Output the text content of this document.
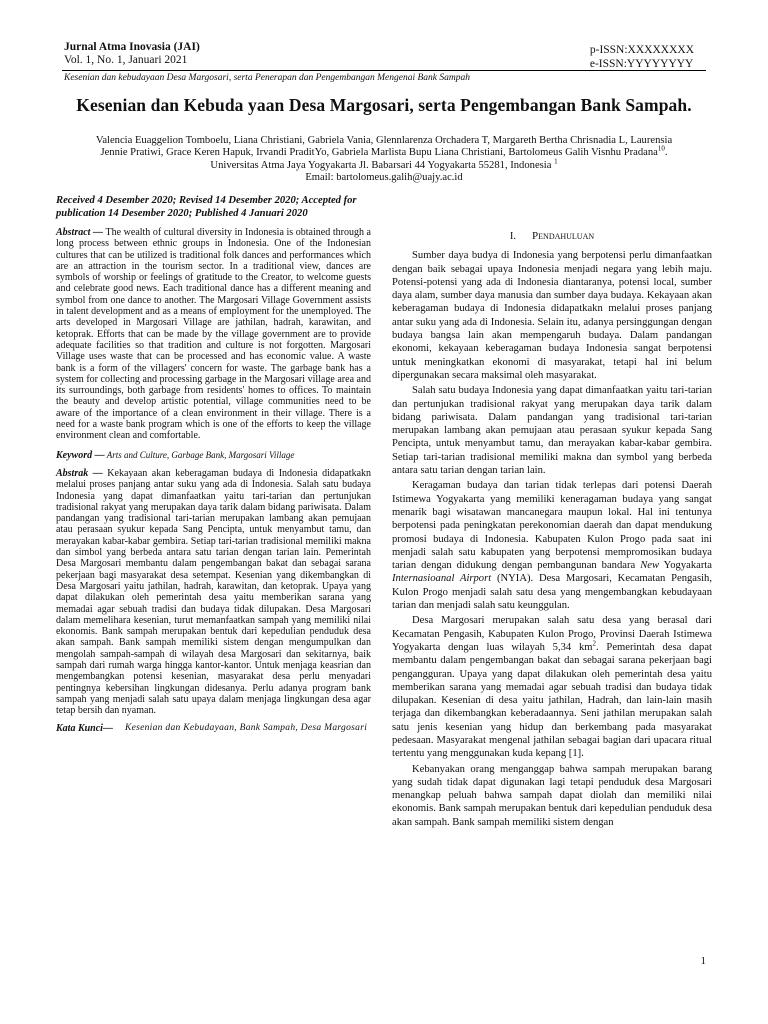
Jurnal Atma Inovasia (JAI)
Vol. 1, No. 1, Januari 2021
p-ISSN:XXXXXXXX
e-ISSN:YYYYYYYY
Kesenian dan kebudayaan Desa Margosari, serta Penerapan dan Pengembangan Mengenai Bank Sampah
Kesenian dan Kebuda yaan Desa Margosari, serta Pengembangan Bank Sampah.
Valencia Euaggelion Tomboelu, Liana Christiani, Gabriela Vania, Glennlarenza Orchadera T, Margareth Bertha Chrisnadia L, Laurensia
Jennie Pratiwi, Grace Keren Hapuk, Irvandi PraditYo, Gabriela Marlista Bupu Liana Christiani, Bartolomeus Galih Visnhu Pradana$^{10}$.
Universitas Atma Jaya Yogyakarta Jl. Babarsari 44 Yogyakarta 55281, Indonesia $^1$
Email: bartolomeus.galih@uajy.ac.id
Received 4 Desember 2020; Revised 14 Desember 2020; Accepted for publication 14 Desember 2020; Published 4 Januari 2020

Abstract — The wealth of cultural diversity in Indonesia is obtained through a long process between ethnic groups in Indonesia. One of the Indonesian cultures that can be utilized is traditional folk dances and performances which are an attraction in the tourism sector. In a traditional view, dances are symbols of worship or feelings of gratitude to the Creator, to welcome guests and celebrate good news. Each traditional dance has a different meaning and symbol from one dance to another. The Margosari Village Government assists in talent development and as a means of employment for the unemployed. The arts developed in Margosari Village are jathilan, hadrah, karawitan, and ketoprak. Efforts that can be made by the village government are to provide adequate facilities so that tradition and culture is not forgotten. Margosari Village uses waste that can be processed and has economic value. A waste bank is a form of the villagers' concern for waste. The garbage bank has a system for collecting and processing garbage in the Margosari village area and its surroundings, both garbage from residents' homes to offices. To maintain the beauty and develop artistic potential, village communities need to be aware of the importance of a clean environment in their village. There is a need for a waste bank program which is one of the efforts to keep the village environment clean and comfortable.

Keyword — Arts and Culture, Garbage Bank, Margosari Village

Abstrak — Kekayaan akan keberagaman budaya di Indonesia didapatkakn melalui proses panjang antar suku yang ada di Indonesia. Salah satu budaya Indonesia yang dapat dimanfaatkan yaitu tari-tarian dan pertunjukan tradisional rakyat yang merupakan daya tarik dalam bidang pariwisata. Dalam pandangan yang tradisional tari-tarian merupakan lambang akan pemujaan atau perasaan syukur kepada Sang Pencipta, untuk menyambut tamu, dan merayakan kabar-kabar gembira. Setiap tari-tarian tradisional memiliki makna dan simbol yang berbeda antara satu tarian dengan tarian lain. Pemerintah Desa Margosari membantu dalam pengembangan bakat dan sebagai sarana pekerjaan bagi masyarakat desa setempat. Kesenian yang dikembangkan di Desa Margosari yaitu jathilan, hadrah, karawitan, dan ketoprak. Upaya yang dapat dilakukan oleh pemerintah desa yaitu memberikan sarana yang memadai agar sebuah tradisi dan budaya tidak dilupakan. Desa Margosari dalam memelihara kesenian, turut memanfaatkan sampah yang memiliki nilai ekonomis. Bank sampah merupakan bentuk dari kepedulian penduduk desa akan sampah. Bank sampah memiliki sistem dengan mengumpulkan dan mengolah sampah-sampah di wilayah desa Margosari dan sekitarnya, baik sampah dari rumah warga hingga kantor-kantor. Untuk menjaga keasrian dan mengembangkan potensi kesenian, masyarakat desa perlu menyadari pentingnya kebersihan lingkungan didesanya. Perlu adanya program bank sampah yang menjadi salah satu upaya dalam menjaga lingkungan desa agar tetap bersih dan nyaman.

Kata Kunci— Kesenian dan Kebudayaan, Bank Sampah, Desa Margosari
I. Pendahuluan

Sumber daya budya di Indonesia yang berpotensi perlu dimanfaatkan dengan baik sebagai upaya Indonesia menjadi negara yang lebih maju. Potensi-potensi yang ada di Indonesia diantaranya, potensi local, sumber daya alam, sumber daya manusia dan sumber daya budaya. Kekayaan akan keberagaman budaya di Indonesia didapatkakn melalui proses panjang antar suku yang ada di Indonesia. Selain itu, adanya persinggungan dengan budaya bangsa lain akan mempengaruh budaya. Dalam pandangan ekonomi, kekayaan keberagaman budaya Indonesia sangat berpotensi untuk meningkatkan ekonomi di masyarakat, tetapi hal ini belum dipergunakan secara maksimal oleh masyarakat.

Salah satu budaya Indonesia yang dapat dimanfaatkan yaitu tari-tarian dan pertunjukan tradisional rakyat yang merupakan daya tarik dalam bidang pariwisata. Dalam pandangan yang tradisional tari-tarian merupakan lambang akan pemujaan atau perasaan syukur kepada Sang Pencipta, untuk menyambut tamu, dan merayakan kabar-kabar gembira. Setiap tari-tarian tradisional memiliki makna dan symbol yang berbeda antara satu tarian dengan tarian lain.

Keragaman budaya dan tarian tidak terlepas dari potensi Daerah Istimewa Yogyakarta yang memiliki keneragaman budaya yang sangat menarik bagi wisatawan mancanegara maupun lokal. Hal ini tentunya berpotensi pada peningkatan perekonomian daerah dan dapat mendukung promosi budaya di Indonesia. Kabupaten Kulon Progo pada saat ini menjadi salah satu kabupaten yang berpotensi mempromosikan budaya tarian dengan didukung dengan pembangunan bandara New Yogyakarta Internasioanal Airport (NYIA). Desa Margosari, Kecamatan Pengasih, Kulon Progo menjadi salah satu desa yang mengembangkan kebudayaan tarian dan menjadi salah satu keunggulan.

Desa Margosari merupakan salah satu desa yang berasal dari Kecamatan Pengasih, Kabupaten Kulon Progo, Provinsi Daerah Istimewa Yogyakarta dengan luas wilayah 5,34 $km^2$. Pemerintah desa dapat membantu dalam pengembangan bakat dan sebagai sarana pekerjaan bagi pengangguran. Upaya yang dapat dilakukan oleh pemerintah desa yaitu memberikan sarana yang memadai agar sebuah tradisi dan budaya tidak dilupakan. Kesenian di desa yaitu jathilan, Hadrah, dan lain-lain masih terjaga dan dikembangkan keberadaannya. Seni jathilan merupakan salah satu jenis kesenian yang hidup dan berkembang pada masyarakat pedesaan. Masyarakat mengenal jathilan sebagai bagian dari upacara ritual tertentu yang menggunakan kuda kepang [1].

Kebanyakan orang menganggap bahwa sampah merupakan barang yang sudah tidak dapat digunakan lagi tetapi penduduk desa Margosari menangkap peluah bahwa sampah dapat diolah dan memiliki nilai ekonomis. Bank sampah merupakan bentuk dari kepedulian penduduk desa akan sampah. Bank sampah memiliki sistem dengan

1
